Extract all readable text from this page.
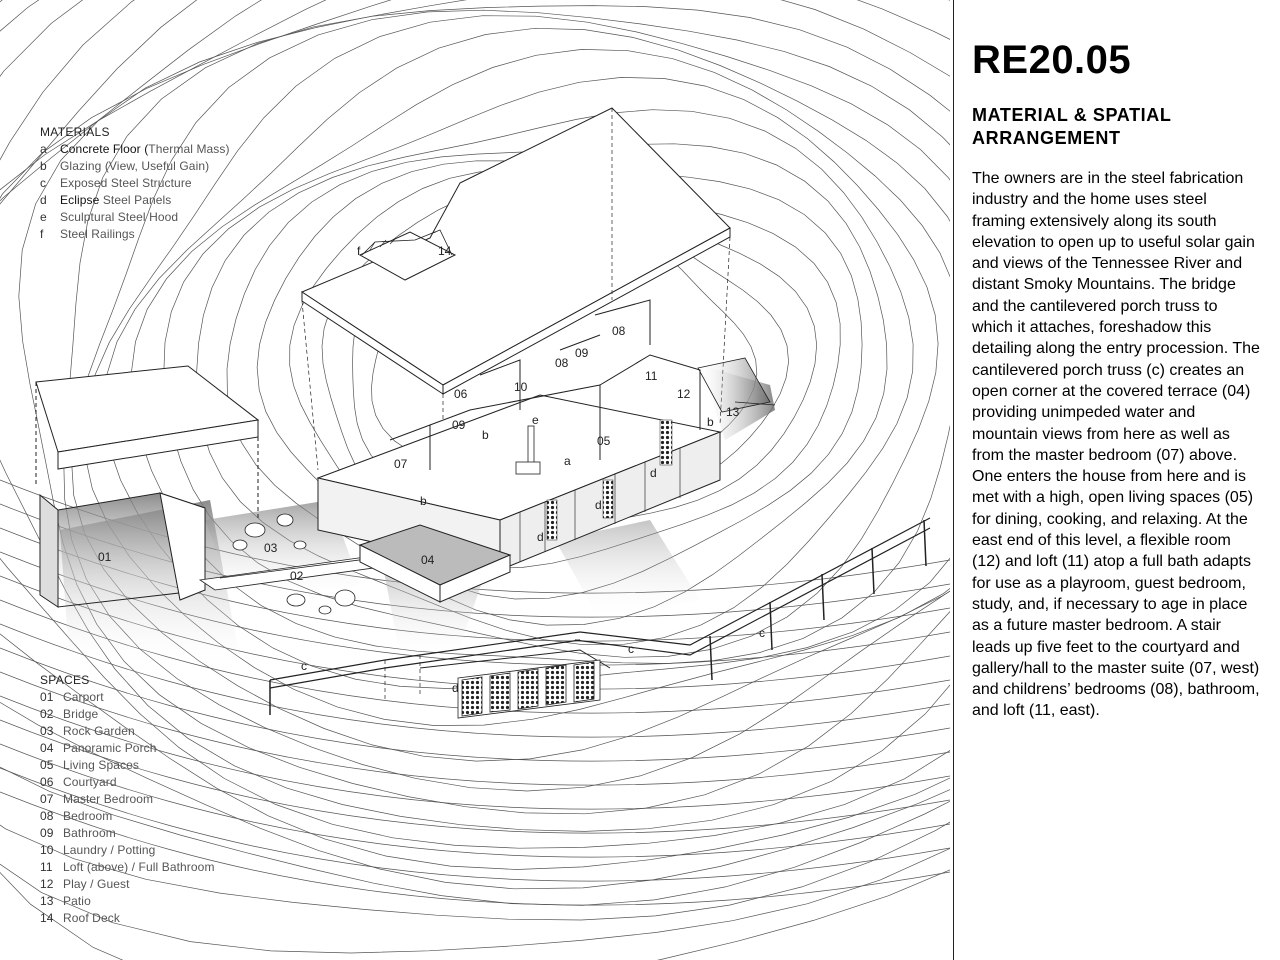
01
02
03
04
05
06
07
08
08
09
09
10
11
12
13
14
a
b
b
b
c
c
c
d
d
d
d
e
f
MATERIALS
a	Concrete Floor ( Thermal Mass)
b	Glazing (View, Useful Gain)
c	Exposed Steel Structure
d	Eclipse Steel Panels
e	Sculptural Steel Hood
f	Steel Railings
SPACES
01 Carport
02 Bridge
03 Rock Garden
04 Panoramic Porch
05 Living Spaces
06 Courtyard
07 Master Bedroom
08 Bedroom
09 Bathroom
10 Laundry / Potting
11 Loft (above) / Full Bathroom
12 Play / Guest
13 Patio
14 Roof Deck
RE20.05
MATERIAL & SPATIAL ARRANGEMENT

The owners are in the steel fabrication industry and the home uses steel framing extensively along its south elevation to open up to useful solar gain and views of the Tennessee River and distant Smoky Mountains. The bridge and the cantilevered porch truss to which it attaches, foreshadow this detailing along the entry procession. The cantilevered porch truss (c) creates an open corner at the covered terrace (04) providing unimpeded water and mountain views from here as well as from the master bedroom (07) above. One enters the house from here and is met with a high, open living spaces (05) for dining, cooking, and relaxing. At the east end of this level, a flexible room (12) and loft (11) atop a full bath adapts for use as a playroom, guest bedroom, study, and, if necessary to age in place as a future master bedroom. A stair leads up five feet to the courtyard and gallery/hall to the master suite (07, west) and childrens’ bedrooms (08), bathroom, and loft (11, east).
